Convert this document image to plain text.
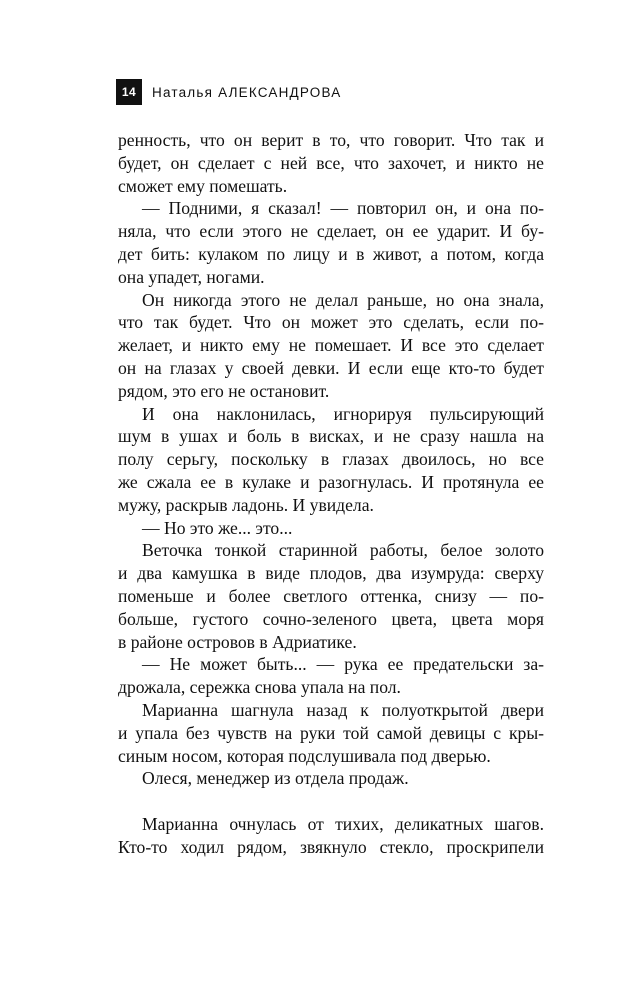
14	Наталья АЛЕКСАНДРОВА
ренность, что он верит в то, что говорит. Что так и
будет, он сделает с ней все, что захочет, и никто не
сможет ему помешать.
— Подними, я сказал! — повторил он, и она по-
няла, что если этого не сделает, он ее ударит. И бу-
дет бить: кулаком по лицу и в живот, а потом, когда
она упадет, ногами.
Он никогда этого не делал раньше, но она знала,
что так будет. Что он может это сделать, если по-
желает, и никто ему не помешает. И все это сделает
он на глазах у своей девки. И если еще кто-то будет
рядом, это его не остановит.
И она наклонилась, игнорируя пульсирующий
шум в ушах и боль в висках, и не сразу нашла на
полу серьгу, поскольку в глазах двоилось, но все
же сжала ее в кулаке и разогнулась. И протянула ее
мужу, раскрыв ладонь. И увидела.
— Но это же... это...
Веточка тонкой старинной работы, белое золото
и два камушка в виде плодов, два изумруда: сверху
поменьше и более светлого оттенка, снизу — по-
больше, густого сочно-зеленого цвета, цвета моря
в районе островов в Адриатике.
— Не может быть... — рука ее предательски за-
дрожала, сережка снова упала на пол.
Марианна шагнула назад к полуоткрытой двери
и упала без чувств на руки той самой девицы с кры-
синым носом, которая подслушивала под дверью.
Олеся, менеджер из отдела продаж.
Марианна очнулась от тихих, деликатных шагов.
Кто-то ходил рядом, звякнуло стекло, проскрипели
